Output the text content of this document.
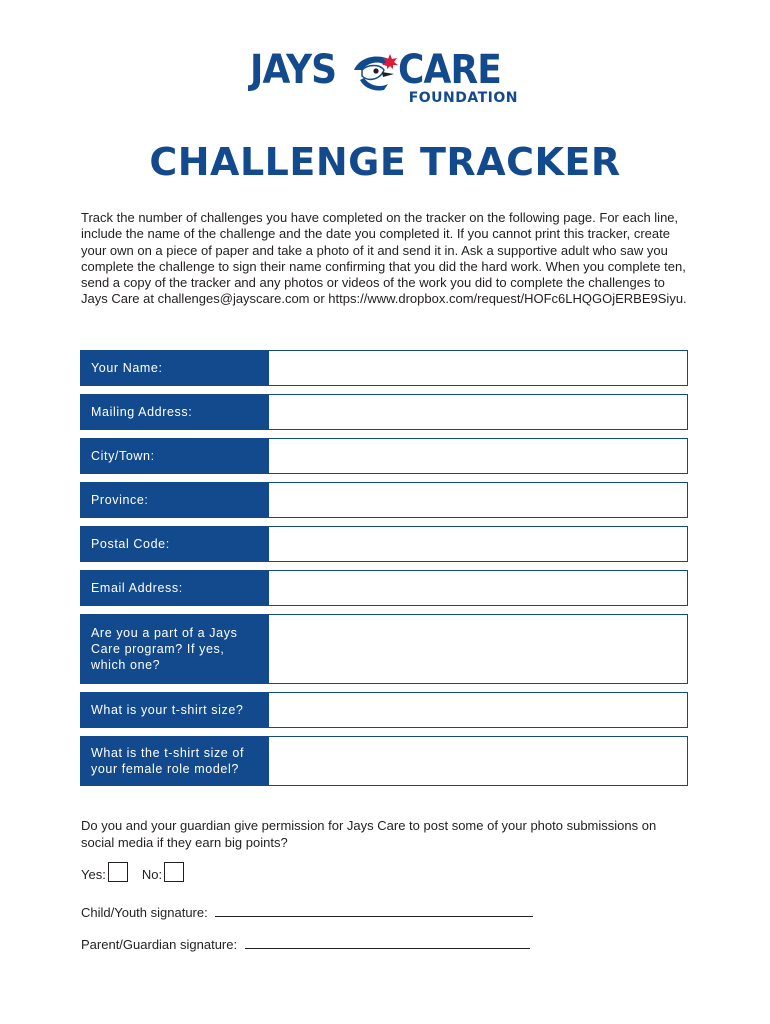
JAYS CARE
FOUNDATION
CHALLENGE TRACKER
Track the number of challenges you have completed on the tracker on the following page. For each line, include the name of the challenge and the date you completed it. If you cannot print this tracker, create your own on a piece of paper and take a photo of it and send it in. Ask a supportive adult who saw you complete the challenge to sign their name confirming that you did the hard work. When you complete ten, send a copy of the tracker and any photos or videos of the work you did to complete the challenges to Jays Care at challenges@jayscare.com or https://www.dropbox.com/request/HOFc6LHQGOjERBE9Siyu.
Your Name:
Mailing Address:
City/Town:
Province:
Postal Code:
Email Address:
Are you a part of a Jays Care program? If yes, which one?
What is your t-shirt size?
What is the t-shirt size of your female role model?
Do you and your guardian give permission for Jays Care to post some of your photo submissions on social media if they earn big points?
Yes:	No:
Child/Youth signature:
Parent/Guardian signature:
